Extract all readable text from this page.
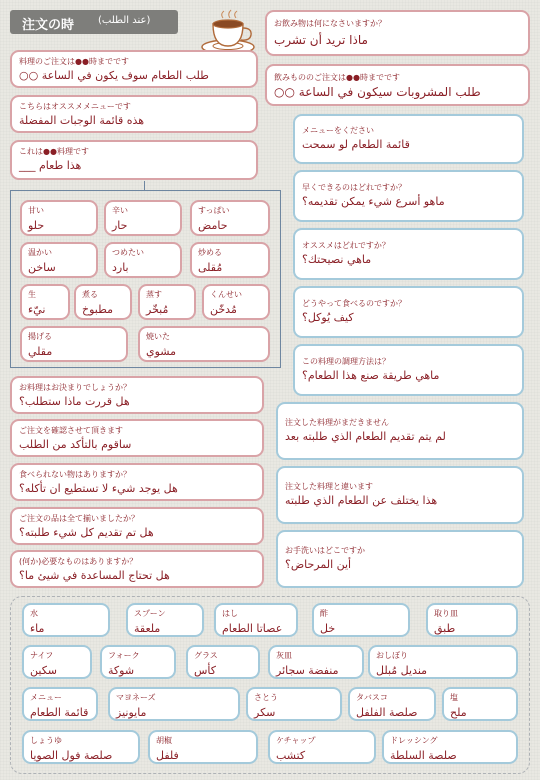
注文の時 (عند الطلب)
料理のご注文は●●時までです
طلب الطعام سوف يكون في الساعة ○○
こちらはオススメメニューです
هذه قائمة الوجبات المفضلة
これは●●料理です
هذا طعام ___
甘い
حلو
辛い
حار
すっぱい
حامض
温かい
ساخن
つめたい
بارد
炒める
مُقلى
生
نيّء
煮る
مطبوخ
蒸す
مُبخّر
くんせい
مُدخّن
揚げる
مقلي
焼いた
مشوي
お料理はお決まりでしょうか？
هل قررت ماذا ستطلب؟
ご注文を確認させて頂きます
ساقوم بالتأكد من الطلب
食べられない物はありますか？
هل يوجد شيء لا تستطيع ان تأكله؟
ご注文の品は全て揃いましたか？
هل تم تقديم كل شيء طلبته؟
(何か)必要なものはありますか？
هل تحتاج المساعدة في شيئ ما؟
お飲み物は何になさいますか？
ماذا تريد أن تشرب
飲みもののご注文は●●時までです
طلب المشروبات سيكون في الساعة ○○
メニューをください
قائمة الطعام لو سمحت
早くできるのはどれですか？
ماهو أسرع شيء يمكن تقديمه؟
オススメはどれですか？
ماهي نصيحتك؟
どうやって食べるのですか？
كيف يُوكل؟
この料理の調理方法は？
ماهي طريقة صنع هذا الطعام؟
注文した料理がまだきません
لم يتم تقديم الطعام الذي طلبته بعد
注文した料理と違います
هذا يختلف عن الطعام الذي طلبته
お手洗いはどこですか
أين المرحاض؟
水
ماء
スプーン
ملعقة
はし
عصاتا الطعام
酢
خل
取り皿
طبق
ナイフ
سكين
フォーク
شوكة
グラス
كأس
灰皿
منفضة سجائر
おしぼり
منديل مُبلل
メニュー
قائمة الطعام
マヨネーズ
مايونيز
さとう
سكر
タバスコ
صلصة الفلفل
塩
ملح
しょうゆ
صلصة فول الصويا
胡椒
فلفل
ケチャップ
كتشب
ドレッシング
صلصة السلطة
